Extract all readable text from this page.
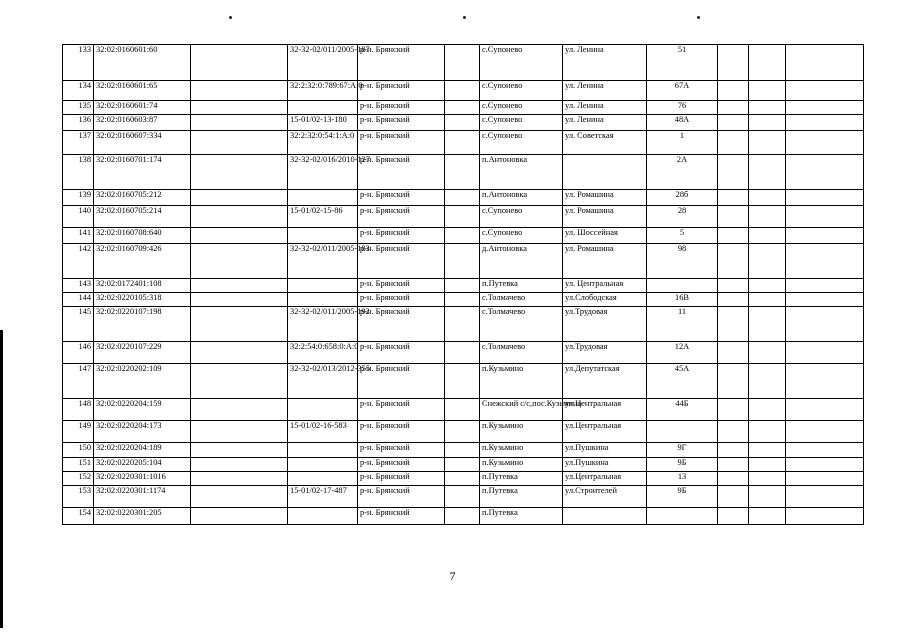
133	32:02:0160601:60		32-32-02/011/2005-187	р-н. Брянский		с.Супонево	ул. Ленина	51			
134	32:02:0160601:65		32:2:32:0:789:67:A:0	р-н. Брянский		с.Супонево	ул. Ленина	67А			
135	32:02:0160601:74			р-н. Брянский		с.Супонево	ул. Ленина	76			
136	32:02:0160603:87		15-01/02-13-180	р-н. Брянский		с.Супонево	ул. Ленина	48А			
137	32:02:0160607:334		32:2:32:0:54:1:A:0	р-н. Брянский		с.Супонево	ул. Советская	1			
138	32:02:0160701:174		32-32-02/016/2010-127	р-н. Брянский		п.Антоновка		2А			
139	32:02:0160705:212			р-н. Брянский		п.Антоновка	ул. Ромашина	28б			
140	32:02:0160705:214		15-01/02-15-86	р-н. Брянский		с.Супонево	ул. Ромашина	28			
141	32:02:0160708:640			р-н. Брянский		с.Супонево	ул. Шоссейная	5			
142	32:02:0160709:426		32-32-02/011/2005-183	р-н. Брянский		д.Антоновка	ул. Ромашина	98			
143	32:02:0172401:108			р-н. Брянский		п.Путевка	ул. Центральная				
144	32:02:0220105:318			р-н. Брянский		с.Толмачево	ул.Слободская	16В			
145	32:02:0220107:198		32-32-02/011/2005-192	р-н. Брянский		с.Толмачево	ул.Трудовая	11			
146	32:02:0220107:229		32:2:54:0:658:0:A:0	р-н. Брянский		с.Толмачево	ул.Трудовая	12А			
147	32:02:0220202:109		32-32-02/013/2012-355	р-н. Брянский		п.Кузьмино	ул.Депутатская	45А			
148	32:02:0220204:159			р-н. Брянский		Снежский с/с,пос.Кузьмино	ул.Центральная	44Б			
149	32:02:0220204:173		15-01/02-16-583	р-н. Брянский		п.Кузьмино	ул.Центральная				
150	32:02:0220204:189			р-н. Брянский		п.Кузьмино	ул.Пушкина	9Г			
151	32:02:0220205:104			р-н. Брянский		п.Кузьмино	ул.Пушкина	9Б			
152	32:02:0220301:1016			р-н. Брянский		п.Путевка	ул.Центральная	13			
153	32:02:0220301:1174		15-01/02-17-487	р-н. Брянский		п.Путевка	ул.Строителей	9Б			
154	32:02:0220301:205			р-н. Брянский		п.Путевка					
7
